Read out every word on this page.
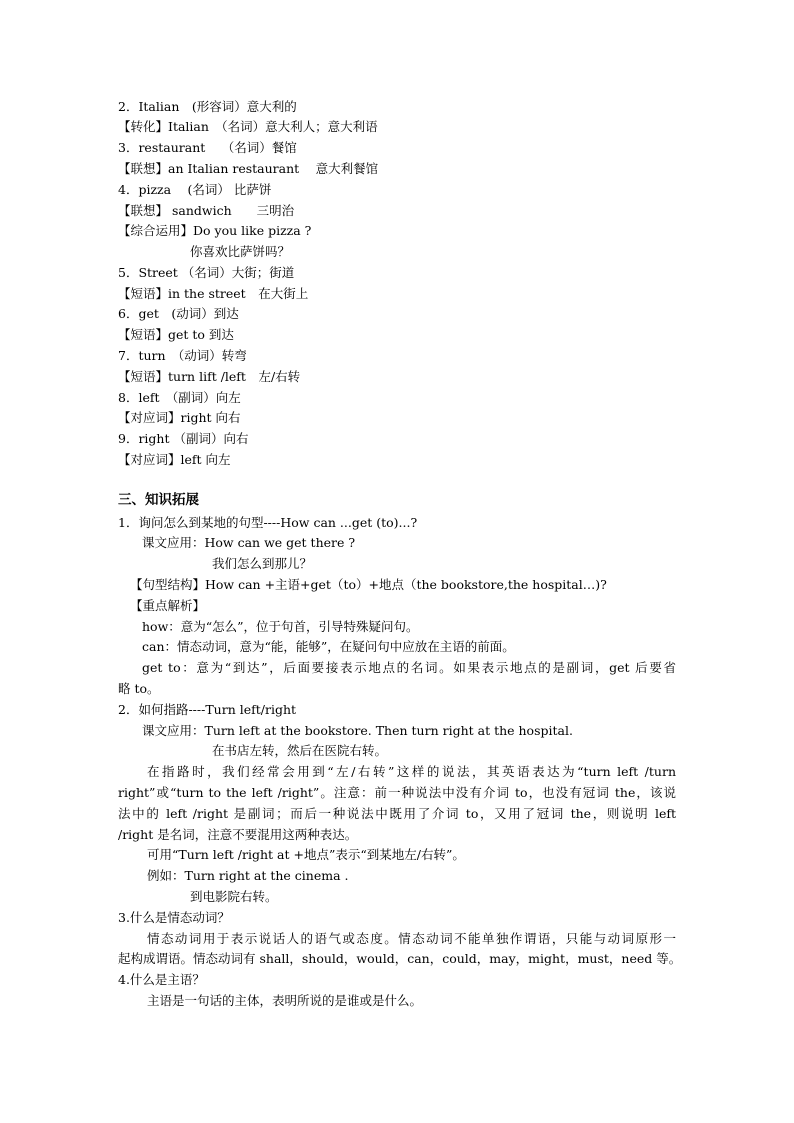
2．Italian　(形容词）意大利的
【转化】Italian　（名词）意大利人；意大利语
3．restaurant　 （名词）餐馆
【联想】an Italian restaurant　 意大利餐馆
4．pizza　 (名词） 比萨饼
【联想】 sandwich　　三明治
【综合运用】Do you like pizza ?
你喜欢比萨饼吗？
5．Street （名词）大街；街道
【短语】in the street　在大街上
6．get　(动词）到达
【短语】get to 到达
7．turn　（动词）转弯
【短语】turn lift /left　左/右转
8．left　（副词）向左
【对应词】right 向右
9．right （副词）向右
【对应词】left 向左
三、知识拓展
1．询问怎么到某地的句型----How can ...get (to)...?
课文应用：How can we get there ?
我们怎么到那儿？
【句型结构】How can +主语+get（to）+地点（the bookstore,the hospital…)?
【重点解析】
how：意为“怎么”，位于句首，引导特殊疑问句。
can：情态动词，意为“能，能够”，在疑问句中应放在主语的前面。
get to：意为“到达”，后面要接表示地点的名词。如果表示地点的是副词，get 后要省
略 to。
2．如何指路----Turn left/right
课文应用：Turn left at the bookstore. Then turn right at the hospital.
在书店左转，然后在医院右转。
在指路时，我们经常会用到“左/右转”这样的说法，其英语表达为“turn left /turn
right”或“turn to the left /right”。注意：前一种说法中没有介词 to，也没有冠词 the，该说
法中的 left /right 是副词；而后一种说法中既用了介词 to，又用了冠词 the，则说明 left
/right 是名词，注意不要混用这两种表达。
可用“Turn left /right at +地点”表示“到某地左/右转”。
例如：Turn right at the cinema .
到电影院右转。
3.什么是情态动词？
情态动词用于表示说话人的语气或态度。情态动词不能单独作谓语，只能与动词原形一
起构成谓语。情态动词有 shall，should，would，can，could，may，might，must，need 等。
4.什么是主语？
主语是一句话的主体，表明所说的是谁或是什么。
